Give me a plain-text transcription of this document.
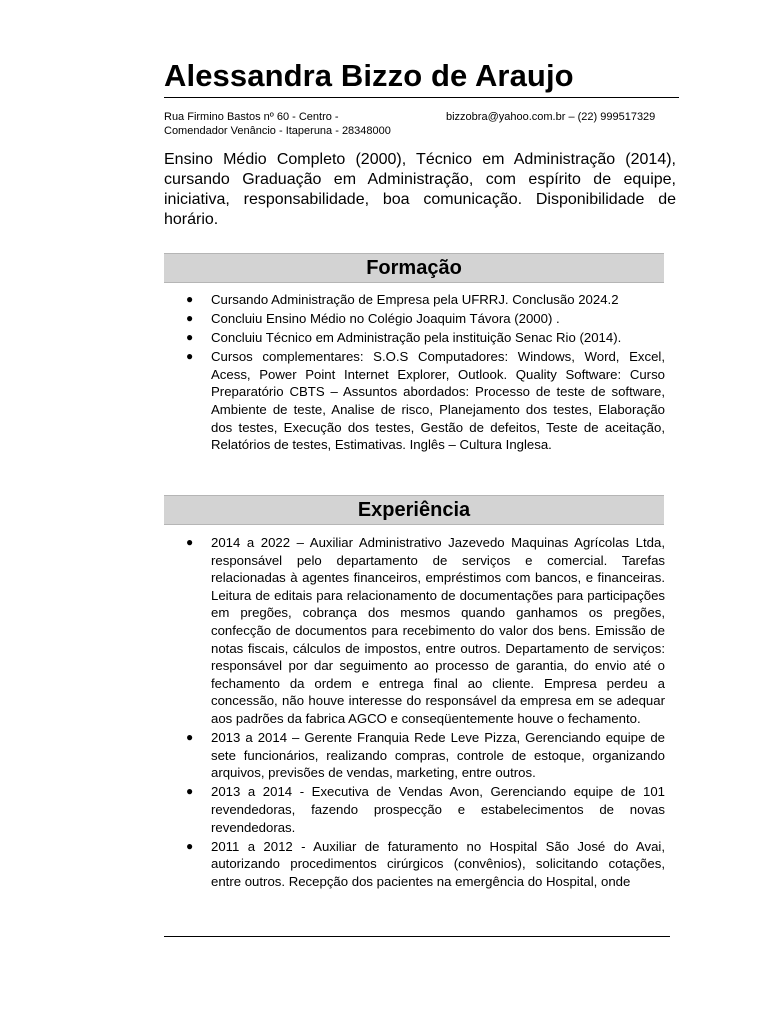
Alessandra Bizzo de Araujo
Rua Firmino Bastos nº 60 - Centro -
Comendador Venâncio - Itaperuna - 28348000
bizzobra@yahoo.com.br – (22) 999517329
Ensino Médio Completo (2000), Técnico em Administração (2014), cursando Graduação em Administração, com espírito de equipe, iniciativa, responsabilidade, boa comunicação. Disponibilidade de horário.
Formação
● Cursando Administração de Empresa pela UFRRJ. Conclusão 2024.2
● Concluiu Ensino Médio no Colégio Joaquim Távora (2000) .
● Concluiu Técnico em Administração pela instituição Senac Rio (2014).
● Cursos complementares: S.O.S Computadores: Windows, Word, Excel, Acess, Power Point Internet Explorer, Outlook. Quality Software: Curso Preparatório CBTS – Assuntos abordados: Processo de teste de software, Ambiente de teste, Analise de risco, Planejamento dos testes, Elaboração dos testes, Execução dos testes, Gestão de defeitos, Teste de aceitação, Relatórios de testes, Estimativas. Inglês – Cultura Inglesa.
Experiência
● 2014 a 2022 – Auxiliar Administrativo Jazevedo Maquinas Agrícolas Ltda, responsável pelo departamento de serviços e comercial. Tarefas relacionadas à agentes financeiros, empréstimos com bancos, e financeiras. Leitura de editais para relacionamento de documentações para participações em pregões, cobrança dos mesmos quando ganhamos os pregões, confecção de documentos para recebimento do valor dos bens. Emissão de notas fiscais, cálculos de impostos, entre outros. Departamento de serviços: responsável por dar seguimento ao processo de garantia, do envio até o fechamento da ordem e entrega final ao cliente. Empresa perdeu a concessão, não houve interesse do responsável da empresa em se adequar aos padrões da fabrica AGCO e conseqüentemente houve o fechamento.
● 2013 a 2014 – Gerente Franquia Rede Leve Pizza, Gerenciando equipe de sete funcionários, realizando compras, controle de estoque, organizando arquivos, previsões de vendas, marketing, entre outros.
● 2013 a 2014 - Executiva de Vendas Avon, Gerenciando equipe de 101 revendedoras, fazendo prospecção e estabelecimentos de novas revendedoras.
● 2011 a 2012 - Auxiliar de faturamento no Hospital São José do Avai, autorizando procedimentos cirúrgicos (convênios), solicitando cotações, entre outros. Recepção dos pacientes na emergência do Hospital, onde
